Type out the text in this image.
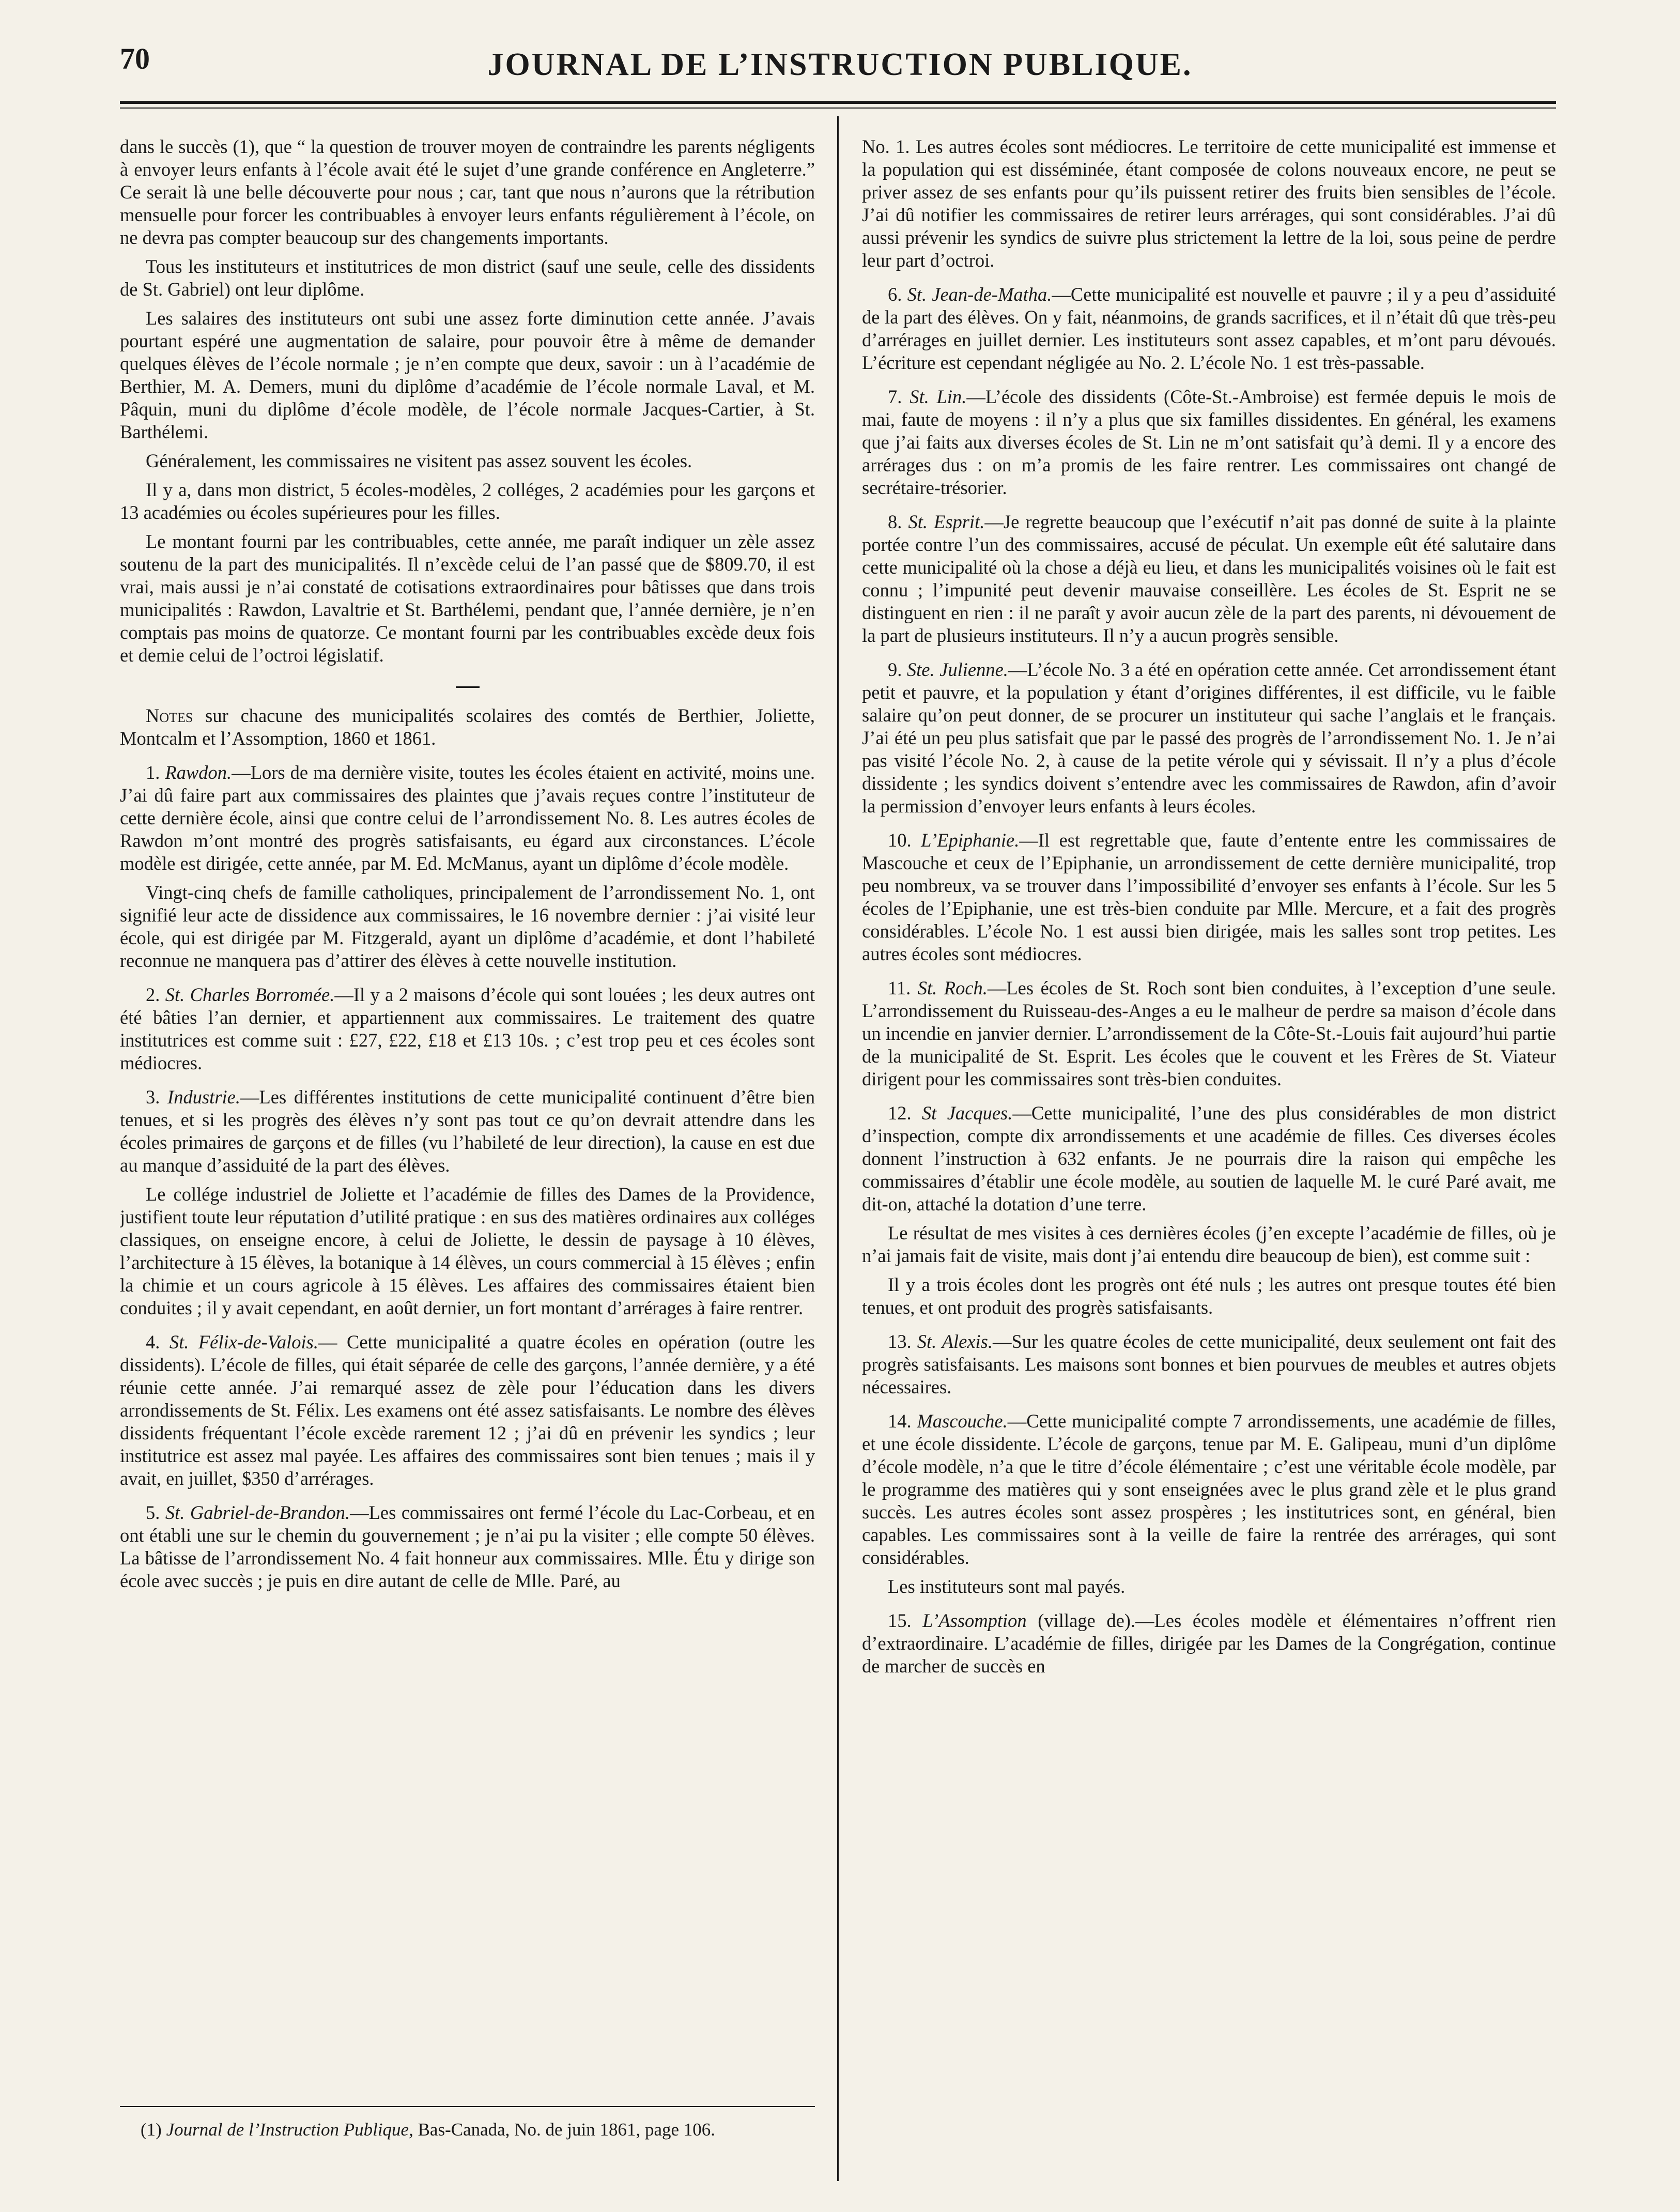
70	JOURNAL DE L’INSTRUCTION PUBLIQUE.

dans le succès (1), que “ la question de trouver moyen de contraindre les parents négligents à envoyer leurs enfants à l’école avait été le sujet d’une grande conférence en Angleterre.” Ce serait là une belle découverte pour nous ; car, tant que nous n’aurons que la rétribution mensuelle pour forcer les contribuables à envoyer leurs enfants régulièrement à l’école, on ne devra pas compter beaucoup sur des changements importants.

Tous les instituteurs et institutrices de mon district (sauf une seule, celle des dissidents de St. Gabriel) ont leur diplôme.

Les salaires des instituteurs ont subi une assez forte diminution cette année. J’avais pourtant espéré une augmentation de salaire, pour pouvoir être à même de demander quelques élèves de l’école normale ; je n’en compte que deux, savoir : un à l’académie de Berthier, M. A. Demers, muni du diplôme d’académie de l’école normale Laval, et M. Pâquin, muni du diplôme d’école modèle, de l’école normale Jacques-Cartier, à St. Barthélemi.

Généralement, les commissaires ne visitent pas assez souvent les écoles.

Il y a, dans mon district, 5 écoles-modèles, 2 colléges, 2 académies pour les garçons et 13 académies ou écoles supérieures pour les filles.

Le montant fourni par les contribuables, cette année, me paraît indiquer un zèle assez soutenu de la part des municipalités. Il n’excède celui de l’an passé que de $809.70, il est vrai, mais aussi je n’ai constaté de cotisations extraordinaires pour bâtisses que dans trois municipalités : Rawdon, Lavaltrie et St. Barthélemi, pendant que, l’année dernière, je n’en comptais pas moins de quatorze. Ce montant fourni par les contribuables excède deux fois et demie celui de l’octroi législatif.

Notes sur chacune des municipalités scolaires des comtés de Berthier, Joliette, Montcalm et l’Assomption, 1860 et 1861.

1. Rawdon.—Lors de ma dernière visite, toutes les écoles étaient en activité, moins une. J’ai dû faire part aux commissaires des plaintes que j’avais reçues contre l’instituteur de cette dernière école, ainsi que contre celui de l’arrondissement No. 8. Les autres écoles de Rawdon m’ont montré des progrès satisfaisants, eu égard aux circonstances. L’école modèle est dirigée, cette année, par M. Ed. McManus, ayant un diplôme d’école modèle.

Vingt-cinq chefs de famille catholiques, principalement de l’arrondissement No. 1, ont signifié leur acte de dissidence aux commissaires, le 16 novembre dernier : j’ai visité leur école, qui est dirigée par M. Fitzgerald, ayant un diplôme d’académie, et dont l’habileté reconnue ne manquera pas d’attirer des élèves à cette nouvelle institution.

2. St. Charles Borromée.—Il y a 2 maisons d’école qui sont louées ; les deux autres ont été bâties l’an dernier, et appartiennent aux commissaires. Le traitement des quatre institutrices est comme suit : £27, £22, £18 et £13 10s. ; c’est trop peu et ces écoles sont médiocres.

3. Industrie.—Les différentes institutions de cette municipalité continuent d’être bien tenues, et si les progrès des élèves n’y sont pas tout ce qu’on devrait attendre dans les écoles primaires de garçons et de filles (vu l’habileté de leur direction), la cause en est due au manque d’assiduité de la part des élèves.

Le collége industriel de Joliette et l’académie de filles des Dames de la Providence, justifient toute leur réputation d’utilité pratique : en sus des matières ordinaires aux colléges classiques, on enseigne encore, à celui de Joliette, le dessin de paysage à 10 élèves, l’architecture à 15 élèves, la botanique à 14 élèves, un cours commercial à 15 élèves ; enfin la chimie et un cours agricole à 15 élèves. Les affaires des commissaires étaient bien conduites ; il y avait cependant, en août dernier, un fort montant d’arrérages à faire rentrer.

4. St. Félix-de-Valois.— Cette municipalité a quatre écoles en opération (outre les dissidents). L’école de filles, qui était séparée de celle des garçons, l’année dernière, y a été réunie cette année. J’ai remarqué assez de zèle pour l’éducation dans les divers arrondissements de St. Félix. Les examens ont été assez satisfaisants. Le nombre des élèves dissidents fréquentant l’école excède rarement 12 ; j’ai dû en prévenir les syndics ; leur institutrice est assez mal payée. Les affaires des commissaires sont bien tenues ; mais il y avait, en juillet, $350 d’arrérages.

5. St. Gabriel-de-Brandon.—Les commissaires ont fermé l’école du Lac-Corbeau, et en ont établi une sur le chemin du gouvernement ; je n’ai pu la visiter ; elle compte 50 élèves. La bâtisse de l’arrondissement No. 4 fait honneur aux commissaires. Mlle. Étu y dirige son école avec succès ; je puis en dire autant de celle de Mlle. Paré, au

No. 1. Les autres écoles sont médiocres. Le territoire de cette municipalité est immense et la population qui est disséminée, étant composée de colons nouveaux encore, ne peut se priver assez de ses enfants pour qu’ils puissent retirer des fruits bien sensibles de l’école. J’ai dû notifier les commissaires de retirer leurs arrérages, qui sont considérables. J’ai dû aussi prévenir les syndics de suivre plus strictement la lettre de la loi, sous peine de perdre leur part d’octroi.

6. St. Jean-de-Matha.—Cette municipalité est nouvelle et pauvre ; il y a peu d’assiduité de la part des élèves. On y fait, néanmoins, de grands sacrifices, et il n’était dû que très-peu d’arrérages en juillet dernier. Les instituteurs sont assez capables, et m’ont paru dévoués. L’écriture est cependant négligée au No. 2. L’école No. 1 est très-passable.

7. St. Lin.—L’école des dissidents (Côte-St.-Ambroise) est fermée depuis le mois de mai, faute de moyens : il n’y a plus que six familles dissidentes. En général, les examens que j’ai faits aux diverses écoles de St. Lin ne m’ont satisfait qu’à demi. Il y a encore des arrérages dus : on m’a promis de les faire rentrer. Les commissaires ont changé de secrétaire-trésorier.

8. St. Esprit.—Je regrette beaucoup que l’exécutif n’ait pas donné de suite à la plainte portée contre l’un des commissaires, accusé de péculat. Un exemple eût été salutaire dans cette municipalité où la chose a déjà eu lieu, et dans les municipalités voisines où le fait est connu ; l’impunité peut devenir mauvaise conseillère. Les écoles de St. Esprit ne se distinguent en rien : il ne paraît y avoir aucun zèle de la part des parents, ni dévouement de la part de plusieurs instituteurs. Il n’y a aucun progrès sensible.

9. Ste. Julienne.—L’école No. 3 a été en opération cette année. Cet arrondissement étant petit et pauvre, et la population y étant d’origines différentes, il est difficile, vu le faible salaire qu’on peut donner, de se procurer un instituteur qui sache l’anglais et le français. J’ai été un peu plus satisfait que par le passé des progrès de l’arrondissement No. 1. Je n’ai pas visité l’école No. 2, à cause de la petite vérole qui y sévissait. Il n’y a plus d’école dissidente ; les syndics doivent s’entendre avec les commissaires de Rawdon, afin d’avoir la permission d’envoyer leurs enfants à leurs écoles.

10. L’Epiphanie.—Il est regrettable que, faute d’entente entre les commissaires de Mascouche et ceux de l’Epiphanie, un arrondissement de cette dernière municipalité, trop peu nombreux, va se trouver dans l’impossibilité d’envoyer ses enfants à l’école. Sur les 5 écoles de l’Epiphanie, une est très-bien conduite par Mlle. Mercure, et a fait des progrès considérables. L’école No. 1 est aussi bien dirigée, mais les salles sont trop petites. Les autres écoles sont médiocres.

11. St. Roch.—Les écoles de St. Roch sont bien conduites, à l’exception d’une seule. L’arrondissement du Ruisseau-des-Anges a eu le malheur de perdre sa maison d’école dans un incendie en janvier dernier. L’arrondissement de la Côte-St.-Louis fait aujourd’hui partie de la municipalité de St. Esprit. Les écoles que le couvent et les Frères de St. Viateur dirigent pour les commissaires sont très-bien conduites.

12. St Jacques.—Cette municipalité, l’une des plus considérables de mon district d’inspection, compte dix arrondissements et une académie de filles. Ces diverses écoles donnent l’instruction à 632 enfants. Je ne pourrais dire la raison qui empêche les commissaires d’établir une école modèle, au soutien de laquelle M. le curé Paré avait, me dit-on, attaché la dotation d’une terre.

Le résultat de mes visites à ces dernières écoles (j’en excepte l’académie de filles, où je n’ai jamais fait de visite, mais dont j’ai entendu dire beaucoup de bien), est comme suit :

Il y a trois écoles dont les progrès ont été nuls ; les autres ont presque toutes été bien tenues, et ont produit des progrès satisfaisants.

13. St. Alexis.—Sur les quatre écoles de cette municipalité, deux seulement ont fait des progrès satisfaisants. Les maisons sont bonnes et bien pourvues de meubles et autres objets nécessaires.

14. Mascouche.—Cette municipalité compte 7 arrondissements, une académie de filles, et une école dissidente. L’école de garçons, tenue par M. E. Galipeau, muni d’un diplôme d’école modèle, n’a que le titre d’école élémentaire ; c’est une véritable école modèle, par le programme des matières qui y sont enseignées avec le plus grand zèle et le plus grand succès. Les autres écoles sont assez prospères ; les institutrices sont, en général, bien capables. Les commissaires sont à la veille de faire la rentrée des arrérages, qui sont considérables.

Les instituteurs sont mal payés.

15. L’Assomption (village de).—Les écoles modèle et élémentaires n’offrent rien d’extraordinaire. L’académie de filles, dirigée par les Dames de la Congrégation, continue de marcher de succès en

(1) Journal de l’Instruction Publique, Bas-Canada, No. de juin 1861, page 106.
